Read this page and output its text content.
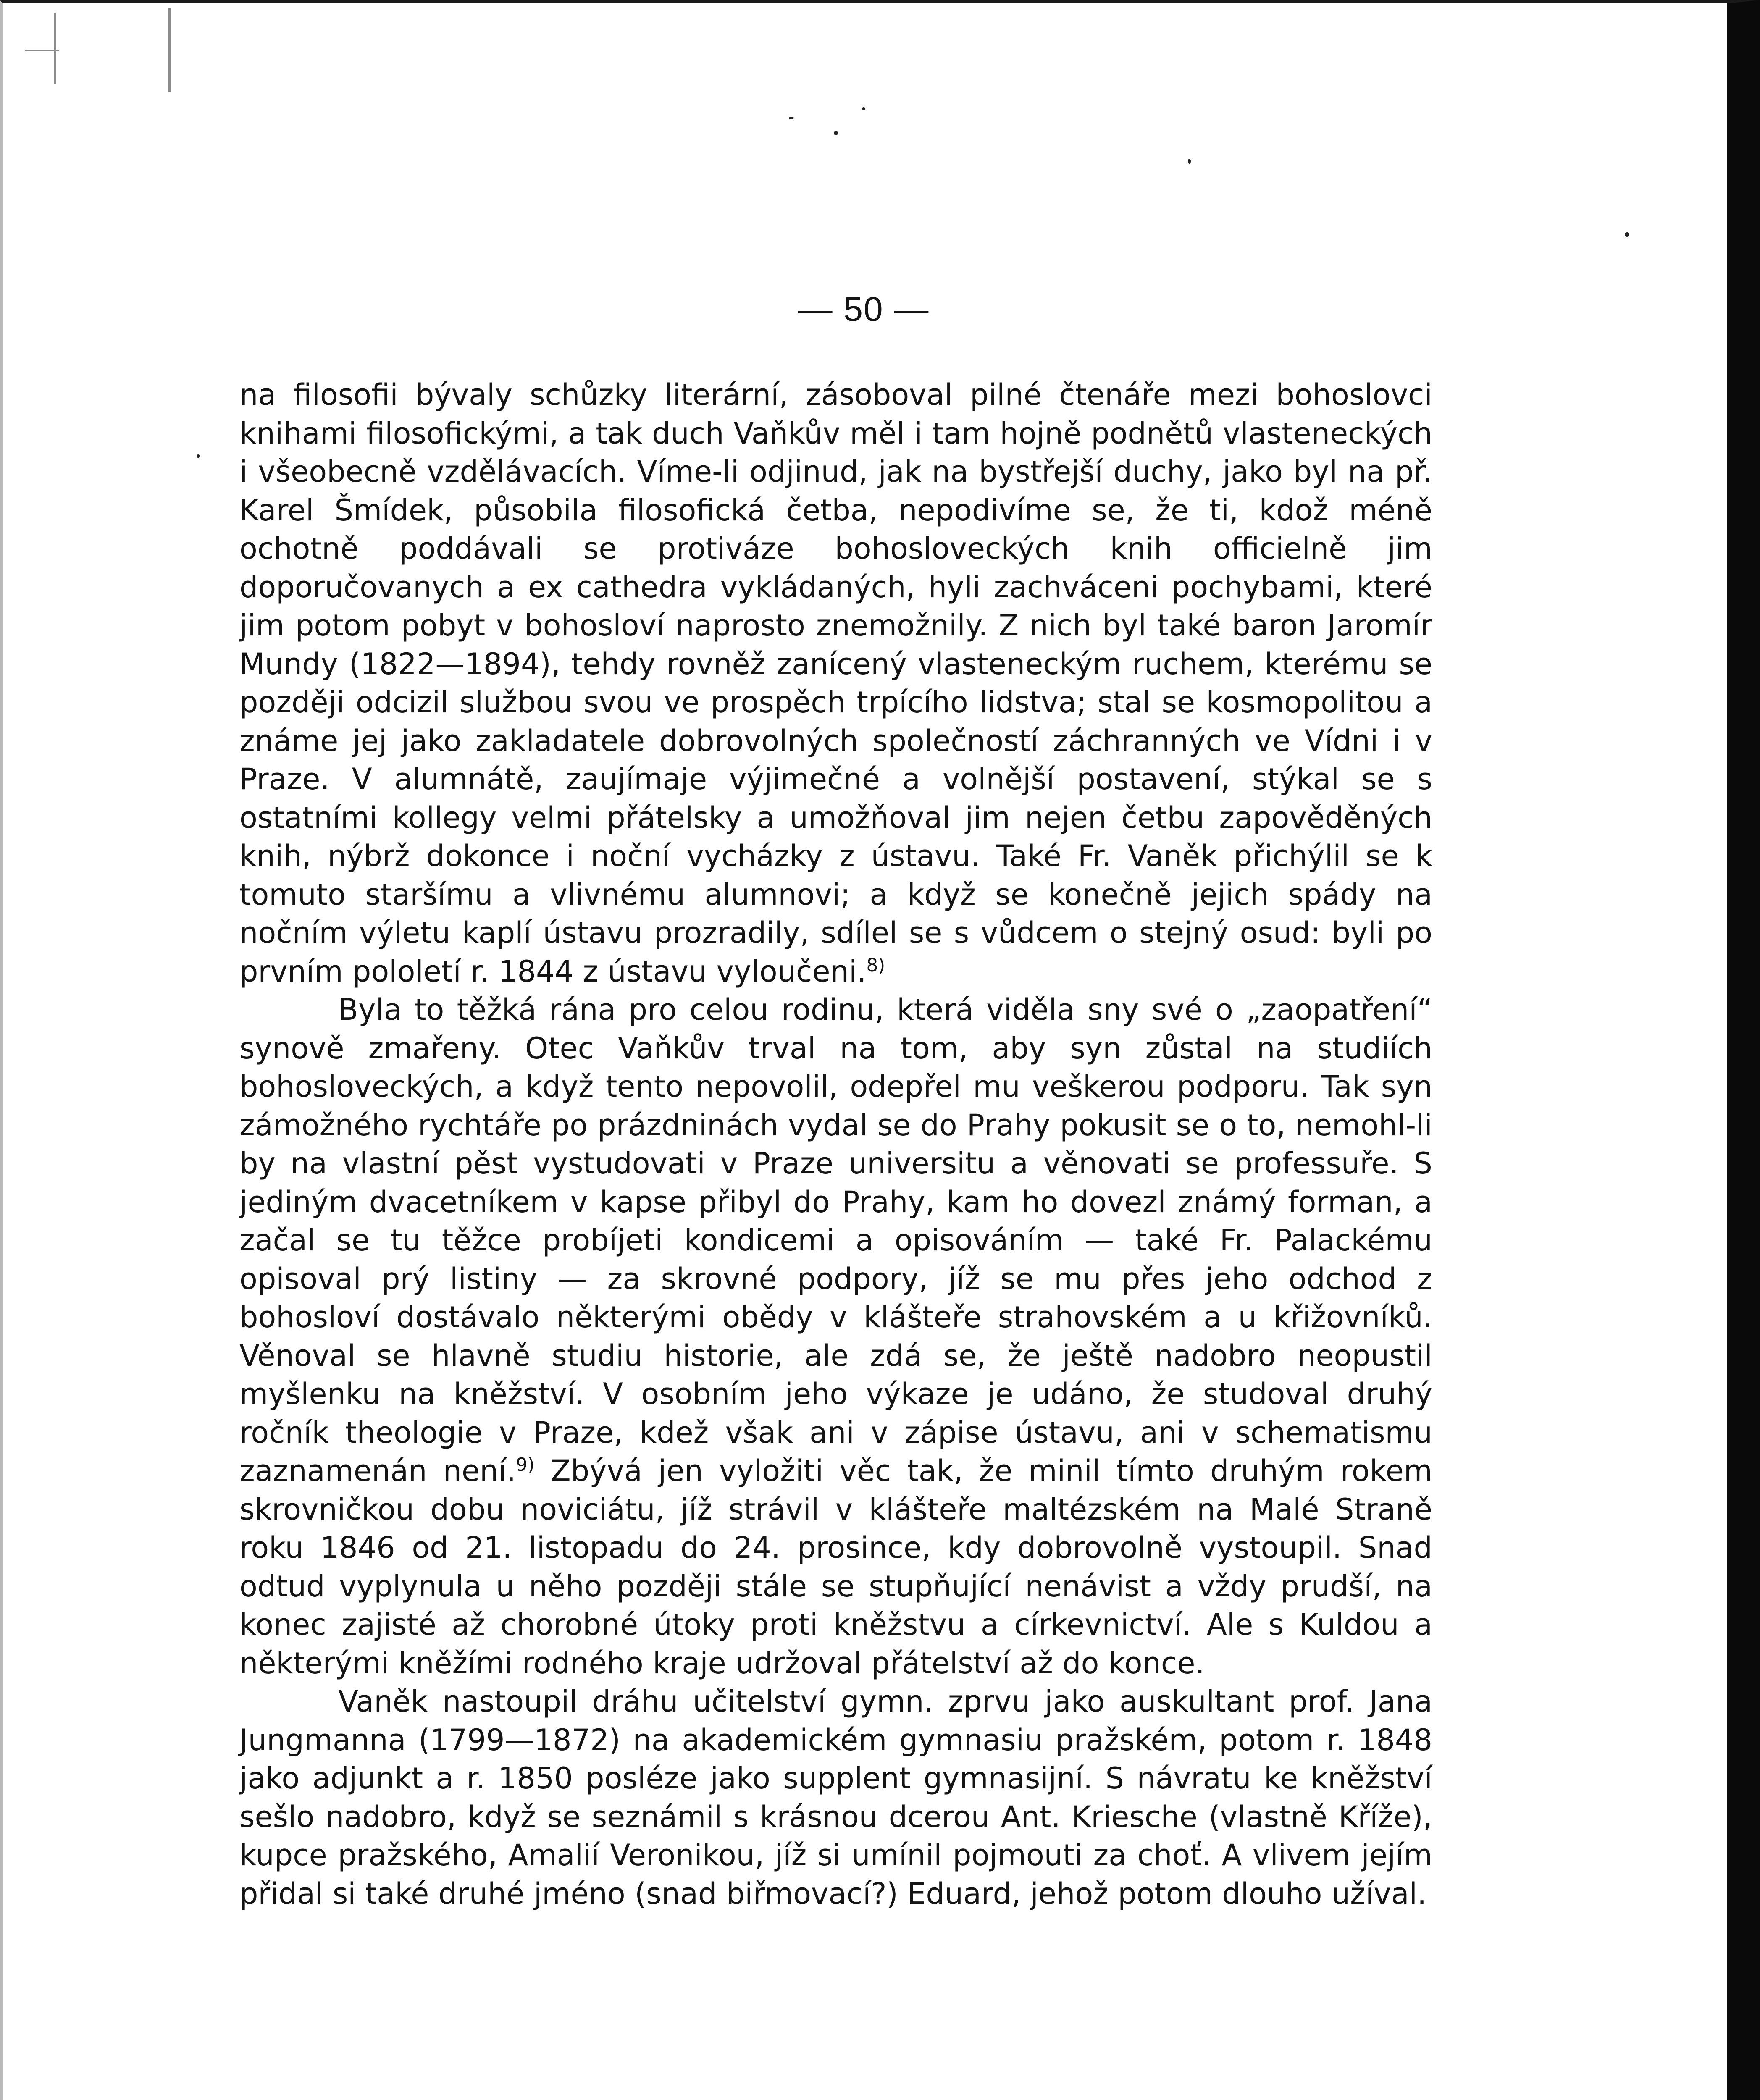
— 50 —

na filosofii bývaly schůzky literární, zásoboval pilné čtenáře mezi bohoslovci knihami filosofickými, a tak duch Vaňkův měl i tam hojně podnětů vlasteneckých i všeobecně vzdělávacích. Víme-li odjinud, jak na bystřejší duchy, jako byl na př. Karel Šmídek, působila filosofická četba, nepodivíme se, že ti, kdož méně ochotně poddávali se protiváze bohosloveckých knih officielně jim doporučovanych a ex cathedra vykládaných, hyli zachváceni pochybami, které jim potom pobyt v bohosloví naprosto znemožnily. Z nich byl také baron Jaromír Mundy (1822—1894), tehdy rovněž zanícený vlasteneckým ruchem, kterému se později odcizil službou svou ve prospěch trpícího lidstva; stal se kosmopolitou a známe jej jako zakladatele dobrovolných společností záchranných ve Vídni i v Praze. V alumnátě, zaujímaje výjimečné a volnější postavení, stýkal se s ostatními kollegy velmi přátelsky a umožňoval jim nejen četbu zapověděných knih, nýbrž dokonce i noční vycházky z ústavu. Také Fr. Vaněk přichýlil se k tomuto staršímu a vlivnému alumnovi; a když se konečně jejich spády na nočním výletu kaplí ústavu prozradily, sdílel se s vůdcem o stejný osud: byli po prvním pololetí r. 1844 z ústavu vyloučeni.$^{8)}$

Byla to těžká rána pro celou rodinu, která viděla sny své o „zaopatření“ synově zmařeny. Otec Vaňkův trval na tom, aby syn zůstal na studiích bohosloveckých, a když tento nepovolil, odepřel mu veškerou podporu. Tak syn zámožného rychtáře po prázdninách vydal se do Prahy pokusit se o to, nemohl-li by na vlastní pěst vystudovati v Praze universitu a věnovati se professuře. S jediným dvacetníkem v kapse přibyl do Prahy, kam ho dovezl známý forman, a začal se tu těžce probíjeti kondicemi a opisováním — také Fr. Palackému opisoval prý listiny — za skrovné podpory, jíž se mu přes jeho odchod z bohosloví dostávalo některými obědy v klášteře strahovském a u křižovníků. Věnoval se hlavně studiu historie, ale zdá se, že ještě nadobro neopustil myšlenku na kněžství. V osobním jeho výkaze je udáno, že studoval druhý ročník theologie v Praze, kdež však ani v zápise ústavu, ani v schematismu zaznamenán není.$^{9)}$ Zbývá jen vyložiti věc tak, že minil tímto druhým rokem skrovničkou dobu noviciátu, jíž strávil v klášteře maltézském na Malé Straně roku 1846 od 21. listopadu do 24. prosince, kdy dobrovolně vystoupil. Snad odtud vyplynula u něho později stále se stupňující nenávist a vždy prudší, na konec zajisté až chorobné útoky proti kněžstvu a církevnictví. Ale s Kuldou a některými kněžími rodného kraje udržoval přátelství až do konce.

Vaněk nastoupil dráhu učitelství gymn. zprvu jako auskultant prof. Jana Jungmanna (1799—1872) na akademickém gymnasiu pražském, potom r. 1848 jako adjunkt a r. 1850 posléze jako supplent gymnasijní. S návratu ke kněžství sešlo nadobro, když se seznámil s krásnou dcerou Ant. Kriesche (vlastně Kříže), kupce pražského, Amalií Veronikou, jíž si umínil pojmouti za choť. A vlivem jejím přidal si také druhé jméno (snad biřmovací?) Eduard, jehož potom dlouho užíval.
